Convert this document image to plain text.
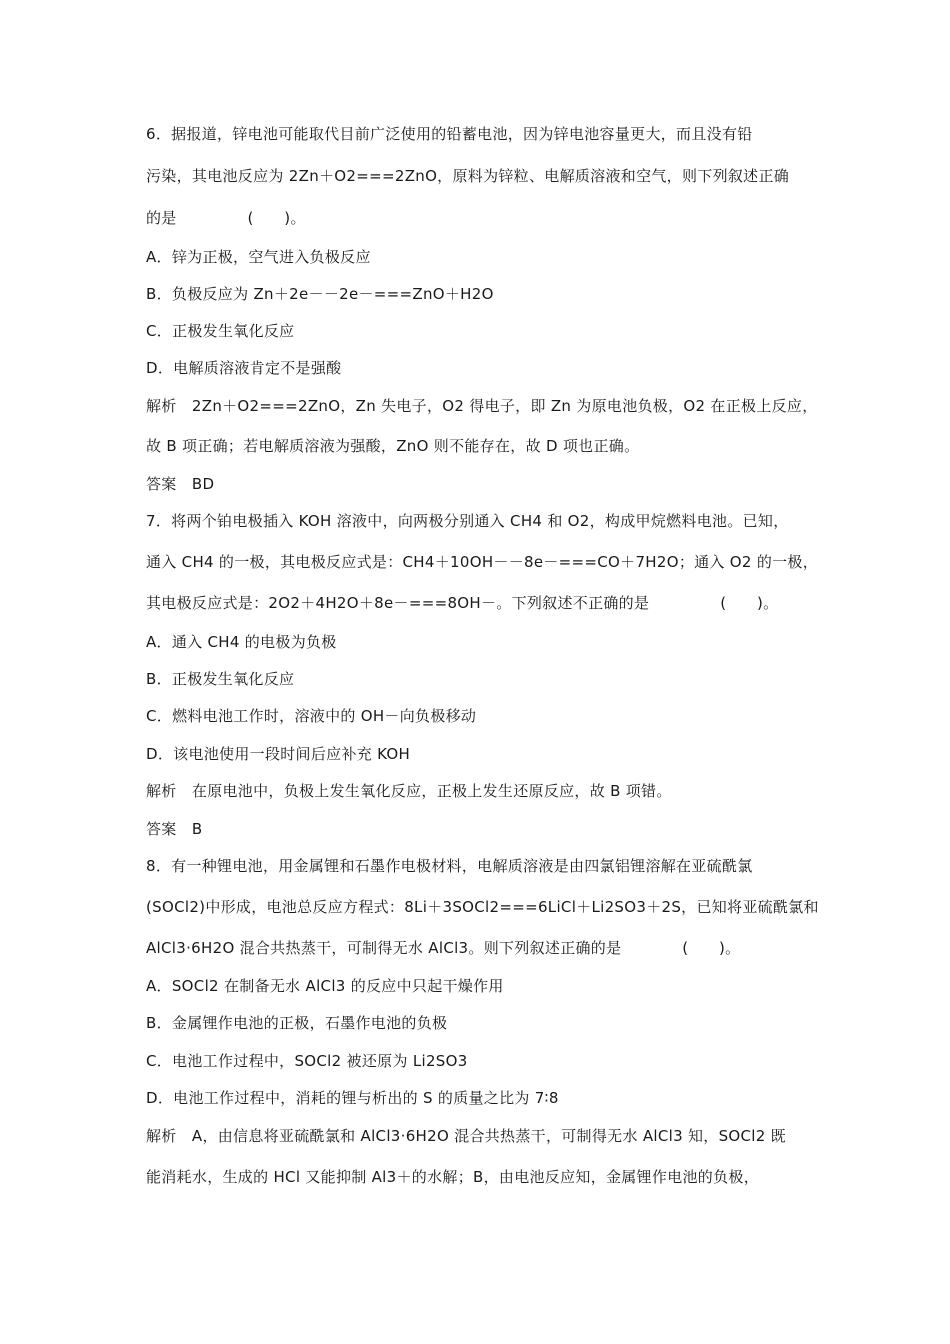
6．据报道，锌电池可能取代目前广泛使用的铅蓄电池，因为锌电池容量更大，而且没有铅
污染，其电池反应为 2Zn＋O2===2ZnO，原料为锌粒、电解质溶液和空气，则下列叙述正确
的是              (　　)。
A．锌为正极，空气进入负极反应
B．负极反应为 Zn＋2e－－2e－===ZnO＋H2O
C．正极发生氧化反应
D．电解质溶液肯定不是强酸
解析　2Zn＋O2===2ZnO，Zn 失电子，O2 得电子，即 Zn 为原电池负极，O2 在正极上反应，
故 B 项正确；若电解质溶液为强酸，ZnO 则不能存在，故 D 项也正确。
答案　BD
7．将两个铂电极插入 KOH 溶液中，向两极分别通入 CH4 和 O2，构成甲烷燃料电池。已知，
通入 CH4 的一极，其电极反应式是：CH4＋10OH－－8e－===CO＋7H2O；通入 O2 的一极，
其电极反应式是：2O2＋4H2O＋8e－===8OH－。下列叙述不正确的是              (　　)。
A．通入 CH4 的电极为负极
B．正极发生氧化反应
C．燃料电池工作时，溶液中的 OH－向负极移动
D．该电池使用一段时间后应补充 KOH
解析　在原电池中，负极上发生氧化反应，正极上发生还原反应，故 B 项错。
答案　B
8．有一种锂电池，用金属锂和石墨作电极材料，电解质溶液是由四氯铝锂溶解在亚硫酰氯
(SOCl2)中形成，电池总反应方程式：8Li＋3SOCl2===6LiCl＋Li2SO3＋2S，已知将亚硫酰氯和
AlCl3·6H2O 混合共热蒸干，可制得无水 AlCl3。则下列叙述正确的是            (　　)。
A．SOCl2 在制备无水 AlCl3 的反应中只起干燥作用
B．金属锂作电池的正极，石墨作电池的负极
C．电池工作过程中，SOCl2 被还原为 Li2SO3
D．电池工作过程中，消耗的锂与析出的 S 的质量之比为 7∶8
解析　A，由信息将亚硫酰氯和 AlCl3·6H2O 混合共热蒸干，可制得无水 AlCl3 知，SOCl2 既
能消耗水，生成的 HCl 又能抑制 Al3＋的水解；B，由电池反应知，金属锂作电池的负极，
